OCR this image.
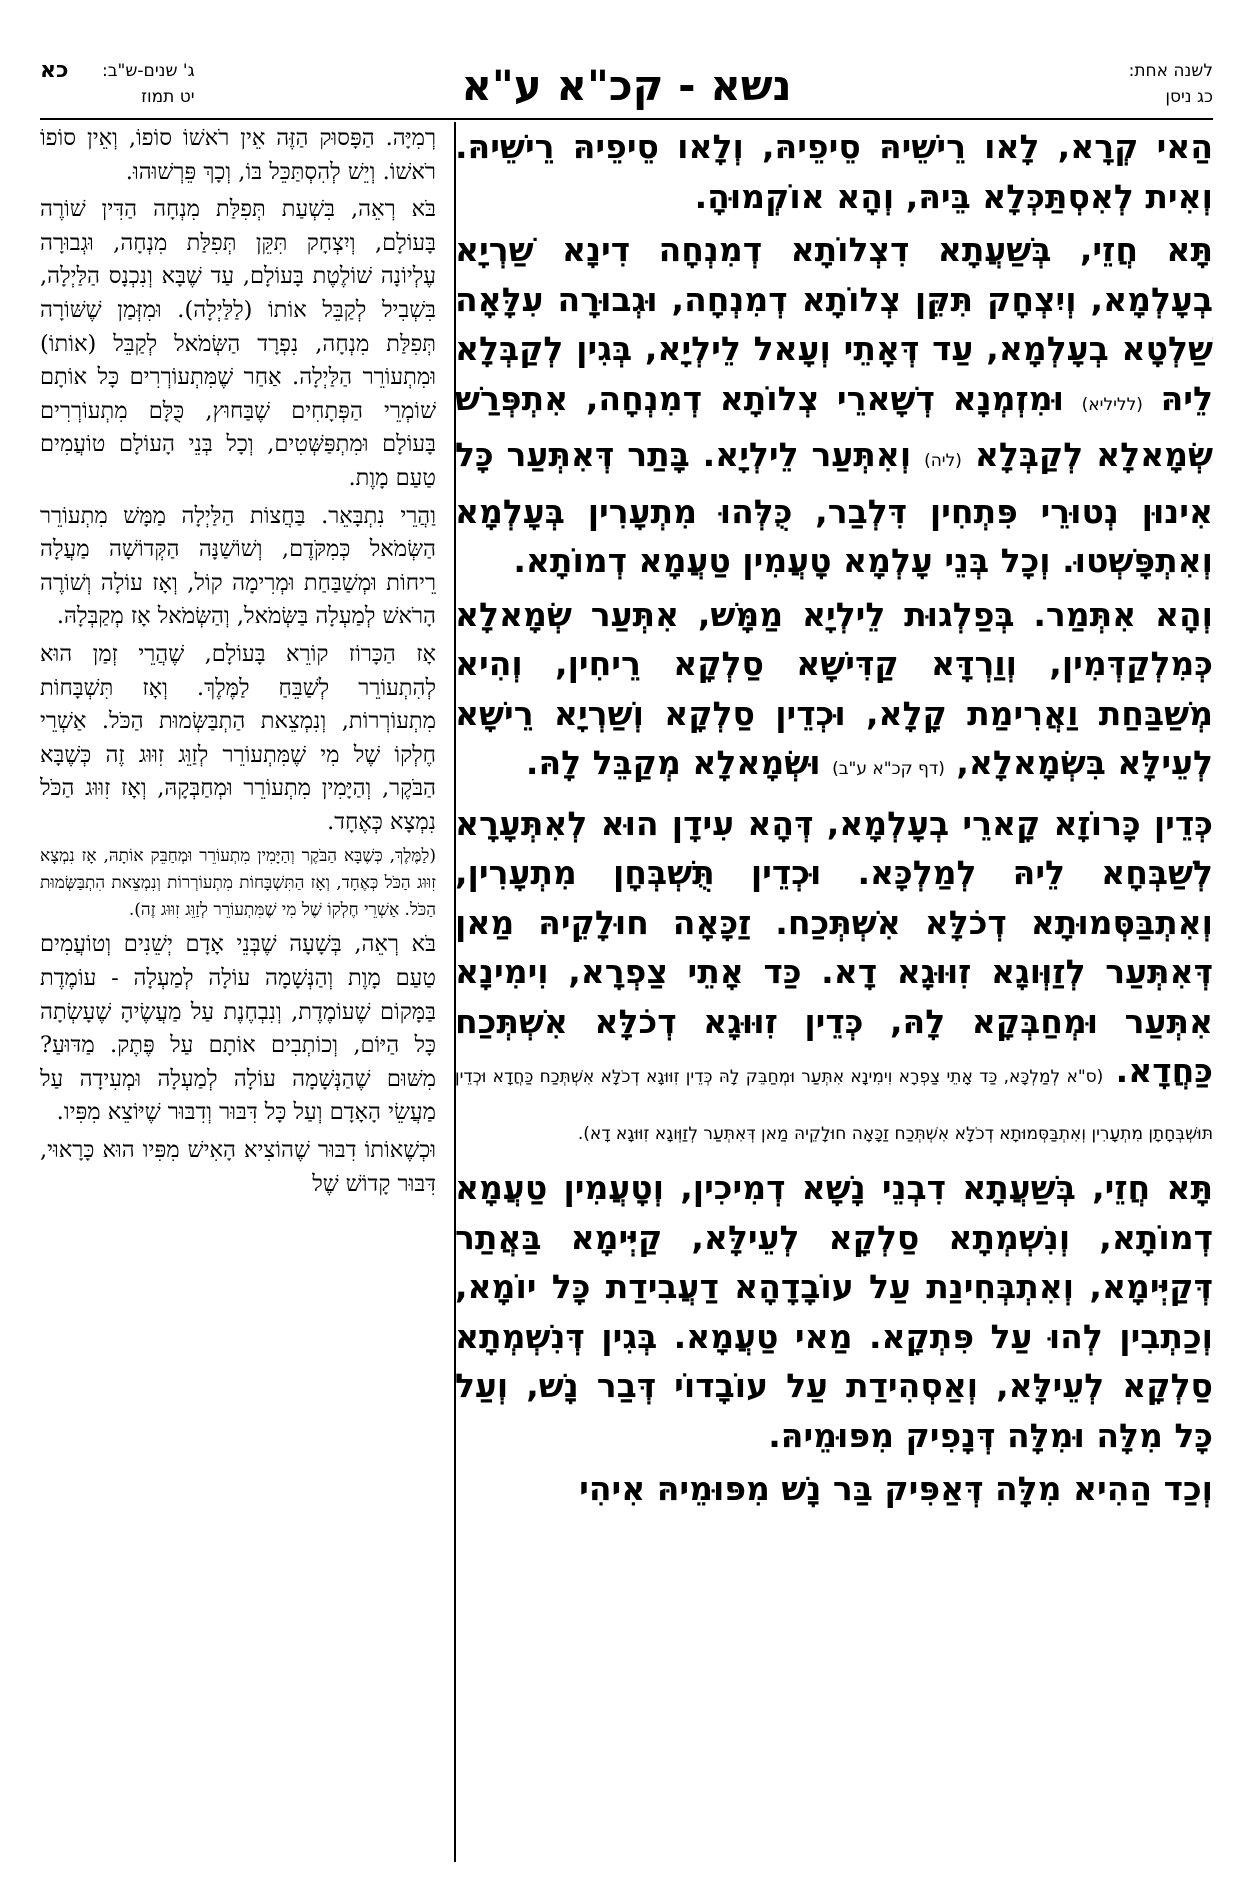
לשנה אחת:
כג ניסן
נשא - קכ"א ע"א
ג' שנים-ש"ב:
יט תמוז
כא

הַאי קְרָא, לָאו רֵישֵׁיהּ סֵיפֵיהּ, וְלָאו סֵיפֵיהּ רֵישֵׁיהּ. וְאִית לְאִסְתַּכְּלָא בֵּיהּ, וְהָא אוֹקְמוּהָ.

תָּא חֲזֵי, בְּשַׁעֲתָא דִצְלוֹתָא דְמִנְחָה דִינָא שַׁרְיָא בְעָלְמָא, וְיִצְחָק תִּקֵּן צְלוֹתָא דְמִנְחָה, וּגְבוּרָה עִלָּאָה שַׁלְטָא בְעָלְמָא, עַד דְּאָתֵי וְעָאל לֵילְיָא, בְּגִין לְקַבְּלָא לֵיהּ (לליליא) וּמִזְמְנָא דְשָׁארֵי צְלוֹתָא דְמִנְחָה, אִתְפְּרַשׁ שְׂמָאלָא לְקַבְּלָא (ליה) וְאִתְּעַר לֵילְיָא. בָּתַר דְּאִתְּעַר כָּל אִינוּן נְטוּרֵי פִּתְחִין דִּלְבַר, כֻּלְּהוּ מִתְעָרִין בְּעָלְמָא וְאִתְפָּשְׁטוּ. וְכָל בְּנֵי עָלְמָא טָעֲמִין טַעֲמָא דְמוֹתָא.

וְהָא אִתְּמַר. בְּפַלְגוּת לֵילְיָא מַמָּשׁ, אִתְּעַר שְׂמָאלָא כְּמִלְקַדְּמִין, וְוַרְדָּא קַדִּישָׁא סַלְקָא רֵיחִין, וְהִיא מְשַׁבַּחַת וַאֲרִימַת קָלָא, וּכְדֵין סַלְקָא וְשַׁרְיָא רֵישָׁא לְעֵילָּא בִּשְׂמָאלָא, (דף קכ"א ע"ב) וּשְׂמָאלָא מְקַבֵּל לָהּ.

כְּדֵין כָּרוֹזָא קָארֵי בְעָלְמָא, דְּהָא עִידָן הוּא לְאִתְּעָרָא לְשַׁבְּחָא לֵיהּ לְמַלְכָּא. וּכְדֵין תֻּשְׁבְּחָן מִתְעָרִין, וְאִתְבַּסְּמוּתָא דְכֹלָּא אִשְׁתְּכַח. זַכָּאָה חוּלָקֵיהּ מַאן דְּאִתְּעַר לְזַוְּוגָא זִוּוּגָא דָא. כַּד אָתֵי צַפְרָא, וִימִינָא אִתְּעַר וּמְחַבְּקָא לָהּ, כְּדֵין זִוּוּגָא דְכֹלָּא אִשְׁתְּכַח כַּחֲדָא. (ס"א לְמַלְכָּא, כַּד אָתֵי צַפְרָא וִימִינָא אִתְּעַר וּמְחַבֵּק לָהּ כְּדֵין זִוּוּגָא דְכֹלָּא אִשְׁתְּכַח כַּחֲדָא וּכְדֵין תּוּשְׁבְּחָתָן מִתְעָרִין וְאִתְבַּסְּמוּתָא דְכֹלָּא אִשְׁתְּכַח זַכָּאָה חוּלָקֵיהּ מַאן דְּאִתְּעַר לְזַוְּוגָא זִוּוּגָא דָא).

תָּא חֲזֵי, בְּשַׁעֲתָא דִבְנֵי נָשָׁא דְמִיכִין, וְטָעֲמִין טַעֲמָא דְמוֹתָא, וְנִשְׁמְתָא סַלְקָא לְעֵילָּא, קַיְּימָא בַּאֲתַר דְּקַיְּימָא, וְאִתְבְּחִינַת עַל עוֹבָדָהָא דַעֲבִידַת כָּל יוֹמָא, וְכַתְבִין לְהוּ עַל פִּתְקָא. מַאי טַעֲמָא. בְּגִין דְּנִשְׁמְתָא סַלְקָא לְעֵילָּא, וְאַסְהִידַת עַל עוֹבָדוֹי דְּבַר נָשׁ, וְעַל כָּל מִלָּה וּמִלָּה דְּנָפִיק מִפּוּמֵיהּ.

וְכַד הַהִיא מִלָּה דְּאַפִּיק בַּר נָשׁ מִפּוּמֵיהּ אִיהִי

רְמִיָּה. הַפָּסוּק הַזֶּה אֵין רֹאשׁוֹ סוֹפוֹ, וְאֵין סוֹפוֹ רֹאשׁוֹ. וְיֵשׁ לְהִסְתַּכֵּל בּוֹ, וְכָךְ פֵּרְשׁוּהוּ.

בֹּא רְאֵה, בִּשְׁעַת תְּפִלַּת מִנְחָה הַדִּין שׁוֹרֶה בָּעוֹלָם, וְיִצְחָק תִּקֵּן תְּפִלַּת מִנְחָה, וּגְבוּרָה עֶלְיוֹנָה שׁוֹלֶטֶת בָּעוֹלָם, עַד שֶׁבָּא וְנִכְנָס הַלַּיְלָה, בִּשְׁבִיל לְקַבֵּל אוֹתוֹ (לַלַּיְלָה). וּמִזְּמַן שֶׁשּׁוֹרָה תְּפִלַּת מִנְחָה, נִפְרָד הַשְּׂמֹאל לְקַבֵּל (אוֹתוֹ) וּמִתְעוֹרֵר הַלַּיְלָה. אַחַר שֶׁמִּתְעוֹרְרִים כָּל אוֹתָם שׁוֹמְרֵי הַפְּתָחִים שֶׁבַּחוּץ, כֻּלָּם מִתְעוֹרְרִים בָּעוֹלָם וּמִתְפַּשְּׁטִים, וְכָל בְּנֵי הָעוֹלָם טוֹעֲמִים טַעַם מָוֶת.

וַהֲרֵי נִתְבָּאֵר. בַּחֲצוֹת הַלַּיְלָה מַמָּשׁ מִתְעוֹרֵר הַשְּׂמֹאל כְּמִקֹּדֶם, וְשׁוֹשַׁנָּה הַקְּדוֹשָׁה מַעֲלָה רֵיחוֹת וּמְשַׁבַּחַת וּמְרִימָה קוֹל, וְאָז עוֹלָה וְשׁוֹרֶה הָרֹאשׁ לְמַעְלָה בַּשְּׂמֹאל, וְהַשְּׂמֹאל אָז מְקַבְּלָהּ.

אָז הַכָּרוֹז קוֹרֵא בָּעוֹלָם, שֶׁהֲרֵי זְמַן הוּא לְהִתְעוֹרֵר לְשַׁבֵּחַ לַמֶּלֶךְ. וְאָז תִּשְׁבָּחוֹת מִתְעוֹרְרוֹת, וְנִמְצֵאת הַתְבַּשְּׂמוּת הַכֹּל. אַשְׁרֵי חֶלְקוֹ שֶׁל מִי שֶׁמִּתְעוֹרֵר לְזַוֵּג זִוּוּג זֶה כְּשֶׁבָּא הַבֹּקֶר, וְהַיָּמִין מִתְעוֹרֵר וּמְחַבְּקָהּ, וְאָז זִוּוּג הַכֹּל נִמְצָא כְּאֶחָד.

(לַמֶּלֶךְ, כְּשֶׁבָּא הַבֹּקֶר וְהַיָּמִין מִתְעוֹרֵר וּמְחַבֵּק אוֹתָהּ, אָז נִמְצָא זִוּוּג הַכֹּל כְּאֶחָד, וְאָז הַתִּשְׁבָּחוֹת מִתְעוֹרְרוֹת וְנִמְצֵאת הִתְבַּשְּׂמוּת הַכֹּל. אַשְׁרֵי חֶלְקוֹ שֶׁל מִי שֶׁמִּתְעוֹרֵר לְזַוֵּג זִוּוּג זֶה).

בֹּא רְאֵה, בְּשָׁעָה שֶׁבְּנֵי אָדָם יְשֵׁנִים וְטוֹעֲמִים טַעַם מָוֶת וְהַנְּשָׁמָה עוֹלָה לְמַעְלָה - עוֹמֶדֶת בַּמָּקוֹם שֶׁעוֹמֶדֶת, וְנִבְחֶנֶת עַל מַעֲשֶׂיהָ שֶׁעָשְׂתָה כָּל הַיּוֹם, וְכוֹתְבִים אוֹתָם עַל פֶּתֶק. מַדּוּעַ? מִשּׁוּם שֶׁהַנְּשָׁמָה עוֹלָה לְמַעְלָה וּמְעִידָה עַל מַעֲשֵׂי הָאָדָם וְעַל כָּל דִּבּוּר וְדִבּוּר שֶׁיּוֹצֵא מִפִּיו.

וּכְשֶׁאוֹתוֹ דִבּוּר שֶׁהוֹצִיא הָאִישׁ מִפִּיו הוּא כָּרָאוּי, דִּבּוּר קָדוֹשׁ שֶׁל
